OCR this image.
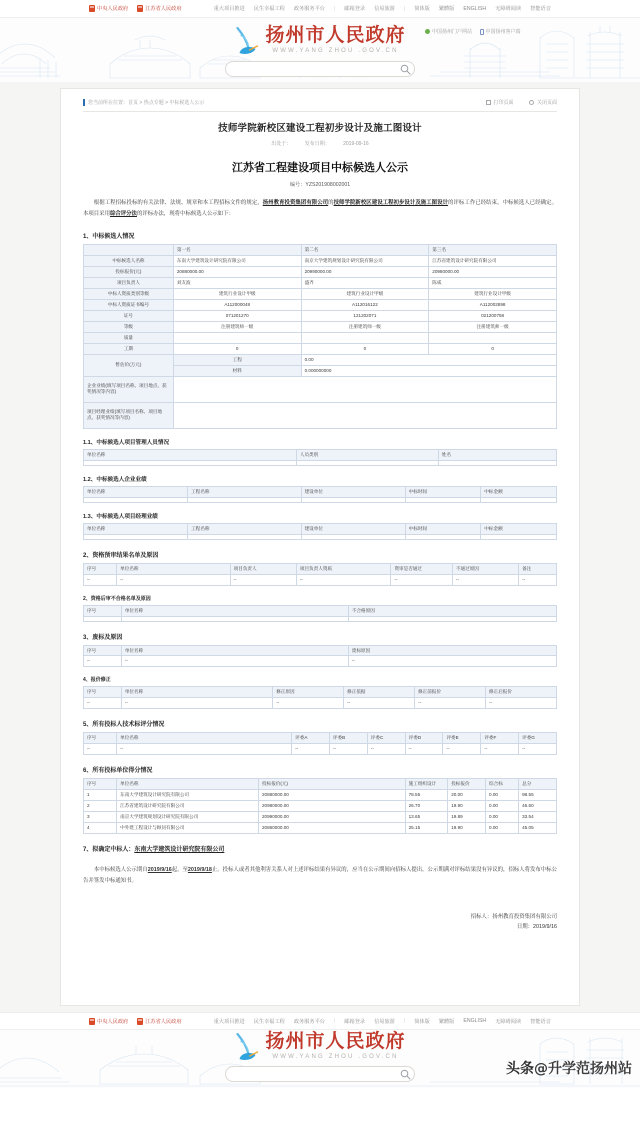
中央人民政府	江苏省人民政府	重大项目推进 民生幸福工程 政务服务平台 | 邮箱登录 信易旅游 | 简体版 繁體版 ENGLISH 无障碍阅读 智能语音
扬州市人民政府
WWW.YANG ZHOU .GOV.CN
中国扬州门户网站	中国扬州客户端
您当前所在位置：首页 > 热点专题 > 中标候选人公示	打印页面	关闭页面
技师学院新校区建设工程初步设计及施工图设计
出处于：	发布日期：	2019-09-16
江苏省工程建设项目中标候选人公示
编号：YZS201908002001

根据工程招标投标的有关法律、法规、规章和本工程招标文件的规定，扬州教育投资集团有限公司的技师学院新校区建设工程初步设计及施工图设计的评标工作已经结束，中标候选人已经确定。本项目采用综合评分法的评标办法，现将中标候选人公示如下：

1、中标候选人情况
	第一名	第二名	第三名
中标候选人名称	东南大学建筑设计研究院有限公司	南京大学建筑规划设计研究院有限公司	江苏省建筑设计研究院有限公司
投标报价(元)	20880000.00	20990000.00	20980000.00
项目负责人	刘友波	盛齐	陈威
中标人资质类别等级	建筑行业设计甲级	建筑行业设计甲级	建筑行业设计甲级
中标人资质证书编号	A112000048	A112016122	A112002898
证号	071201270	121202071	021200758
等级	注册建筑师一级	注册建筑师一级	注册建筑师一级
质量			
工期	0	0	0
暂估价(万元)	工程	0.00	
	材料	0.000000000	
企业业绩(填写项目名称、项目地点、获奖情况等内容)			
项目经理业绩(填写项目名称、项目地点、获奖情况等内容)			
1.1、中标候选人项目管理人员情况
单位名称	人员类别	姓名

1.2、中标候选人企业业绩
单位名称	工程名称	建设单位	中标时间	中标金额

1.3、中标候选人项目经理业绩
单位名称	工程名称	建设单位	中标时间	中标金额

2、资格预审结果名单及原因
序号	单位名称	项目负责人	项目负责人资质	资审是否通过	不通过原因	备注
--	--	--	--	--	--	--
2、资格后审不合格名单及原因
序号	单位名称	不合格原因

3、废标及原因
序号	单位名称	废标原因
--	--	--
4、报价修正
序号	单位名称	修正原因	修正依据	修正前报价	修正后报价
--	--	--	--	--	--
5、所有投标人技术标评分情况
序号	单位名称	评委A	评委B	评委C	评委D	评委E	评委F	评委G
--	--	--	--	--	--	--	--	--
6、所有投标单位得分情况
序号	单位名称	投标报价(元)	施工组织设计	投标报价	综合标	总分
1	东南大学建筑设计研究院有限公司	20880000.00	78.55	20.00	0.00	98.55
2	江苏省建筑设计研究院有限公司	20980000.00	26.70	19.90	0.00	46.60
3	南京大学建筑规划设计研究院有限公司	20990000.00	13.65	19.89	0.00	33.54
4	中外建工程设计与顾问有限公司	20860000.00	25.15	19.90	0.00	45.05
7、拟确定中标人：东南大学建筑设计研究院有限公司

本中标候选人公示期自2019/9/16起，至2019/9/18止。投标人或者其他利害关系人对上述评标结果有异议的，应当在公示期间向招标人提出。公示期满对评标结果没有异议的，招标人将发布中标公告并签发中标通知书。

招标人：扬州教育投资集团有限公司
日期：2019/9/16
中央人民政府	江苏省人民政府	重大项目推进 民生幸福工程 政务服务平台 | 邮箱登录 信易旅游 | 简体版 繁體版 ENGLISH 无障碍阅读 智能语音
扬州市人民政府
WWW.YANG ZHOU .GOV.CN
头条@升学范扬州站
